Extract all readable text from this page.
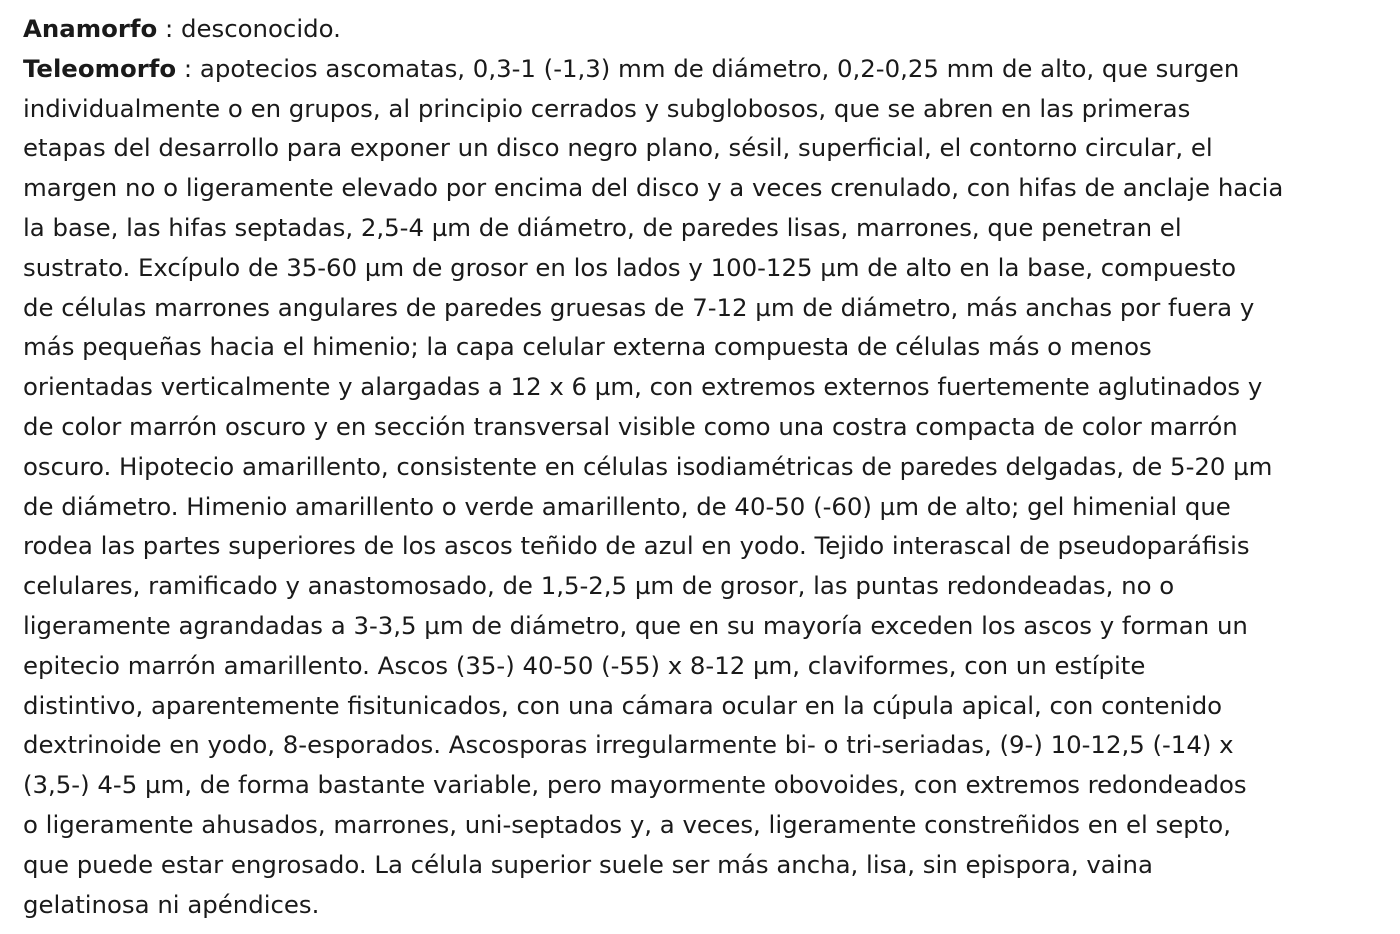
Anamorfo : desconocido.
Teleomorfo : apotecios ascomatas, 0,3-1 (-1,3) mm de diámetro, 0,2-0,25 mm de alto, que surgen
individualmente o en grupos, al principio cerrados y subglobosos, que se abren en las primeras
etapas del desarrollo para exponer un disco negro plano, sésil, superficial, el contorno circular, el
margen no o ligeramente elevado por encima del disco y a veces crenulado, con hifas de anclaje hacia
la base, las hifas septadas, 2,5-4 µm de diámetro, de paredes lisas, marrones, que penetran el
sustrato. Excípulo de 35-60 µm de grosor en los lados y 100-125 µm de alto en la base, compuesto
de células marrones angulares de paredes gruesas de 7-12 µm de diámetro, más anchas por fuera y
más pequeñas hacia el himenio; la capa celular externa compuesta de células más o menos
orientadas verticalmente y alargadas a 12 x 6 µm, con extremos externos fuertemente aglutinados y
de color marrón oscuro y en sección transversal visible como una costra compacta de color marrón
oscuro. Hipotecio amarillento, consistente en células isodiamétricas de paredes delgadas, de 5-20 µm
de diámetro. Himenio amarillento o verde amarillento, de 40-50 (-60) µm de alto; gel himenial que
rodea las partes superiores de los ascos teñido de azul en yodo. Tejido interascal de pseudoparáfisis
celulares, ramificado y anastomosado, de 1,5-2,5 µm de grosor, las puntas redondeadas, no o
ligeramente agrandadas a 3-3,5 µm de diámetro, que en su mayoría exceden los ascos y forman un
epitecio marrón amarillento. Ascos (35-) 40-50 (-55) x 8-12 µm, claviformes, con un estípite
distintivo, aparentemente fisitunicados, con una cámara ocular en la cúpula apical, con contenido
dextrinoide en yodo, 8-esporados. Ascosporas irregularmente bi- o tri-seriadas, (9-) 10-12,5 (-14) x
(3,5-) 4-5 µm, de forma bastante variable, pero mayormente obovoides, con extremos redondeados
o ligeramente ahusados, marrones, uni-septados y, a veces, ligeramente constreñidos en el septo,
que puede estar engrosado. La célula superior suele ser más ancha, lisa, sin epispora, vaina
gelatinosa ni apéndices.
